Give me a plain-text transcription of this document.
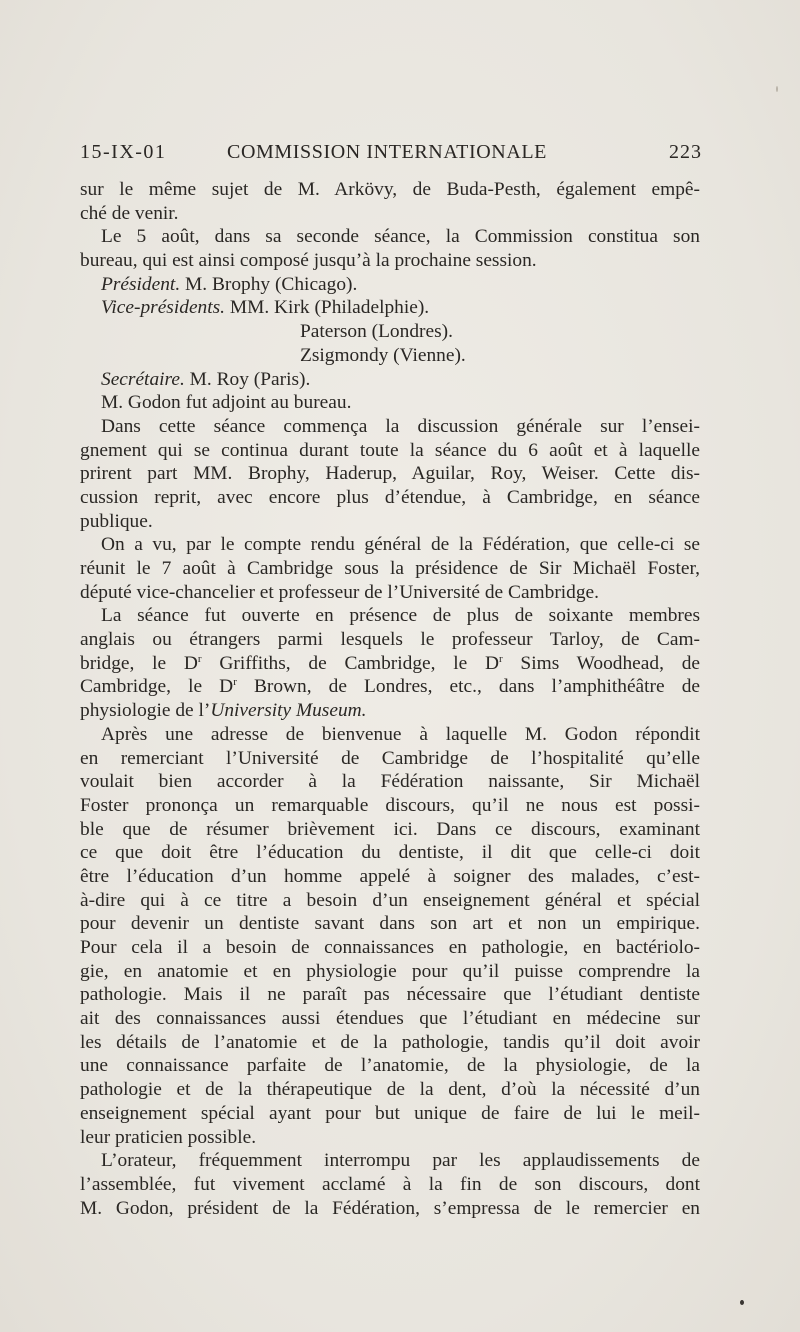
15-IX-01	COMMISSION INTERNATIONALE	223
sur le même sujet de M. Arkövy, de Buda-Pesth, également empê-
ché de venir.
Le 5 août, dans sa seconde séance, la Commission constitua son
bureau, qui est ainsi composé jusqu’à la prochaine session.
Président. M. Brophy (Chicago).
Vice-présidents. MM. Kirk (Philadelphie).
Paterson (Londres).
Zsigmondy (Vienne).
Secrétaire. M. Roy (Paris).
M. Godon fut adjoint au bureau.
Dans cette séance commença la discussion générale sur l’ensei-
gnement qui se continua durant toute la séance du 6 août et à laquelle
prirent part MM. Brophy, Haderup, Aguilar, Roy, Weiser. Cette dis-
cussion reprit, avec encore plus d’étendue, à Cambridge, en séance
publique.
On a vu, par le compte rendu général de la Fédération, que celle-ci se
réunit le 7 août à Cambridge sous la présidence de Sir Michaël Foster,
député vice-chancelier et professeur de l’Université de Cambridge.
La séance fut ouverte en présence de plus de soixante membres
anglais ou étrangers parmi lesquels le professeur Tarloy, de Cam-
bridge, le $D^r$ Griffiths, de Cambridge, le $D^r$ Sims Woodhead, de
Cambridge, le $D^r$ Brown, de Londres, etc., dans l’amphithéâtre de
physiologie de l’University Museum.
Après une adresse de bienvenue à laquelle M. Godon répondit
en remerciant l’Université de Cambridge de l’hospitalité qu’elle
voulait bien accorder à la Fédération naissante, Sir Michaël
Foster prononça un remarquable discours, qu’il ne nous est possi-
ble que de résumer brièvement ici. Dans ce discours, examinant
ce que doit être l’éducation du dentiste, il dit que celle-ci doit
être l’éducation d’un homme appelé à soigner des malades, c’est-
à-dire qui à ce titre a besoin d’un enseignement général et spécial
pour devenir un dentiste savant dans son art et non un empirique.
Pour cela il a besoin de connaissances en pathologie, en bactériolo-
gie, en anatomie et en physiologie pour qu’il puisse comprendre la
pathologie. Mais il ne paraît pas nécessaire que l’étudiant dentiste
ait des connaissances aussi étendues que l’étudiant en médecine sur
les détails de l’anatomie et de la pathologie, tandis qu’il doit avoir
une connaissance parfaite de l’anatomie, de la physiologie, de la
pathologie et de la thérapeutique de la dent, d’où la nécessité d’un
enseignement spécial ayant pour but unique de faire de lui le meil-
leur praticien possible.
L’orateur, fréquemment interrompu par les applaudissements de
l’assemblée, fut vivement acclamé à la fin de son discours, dont
M. Godon, président de la Fédération, s’empressa de le remercier en
